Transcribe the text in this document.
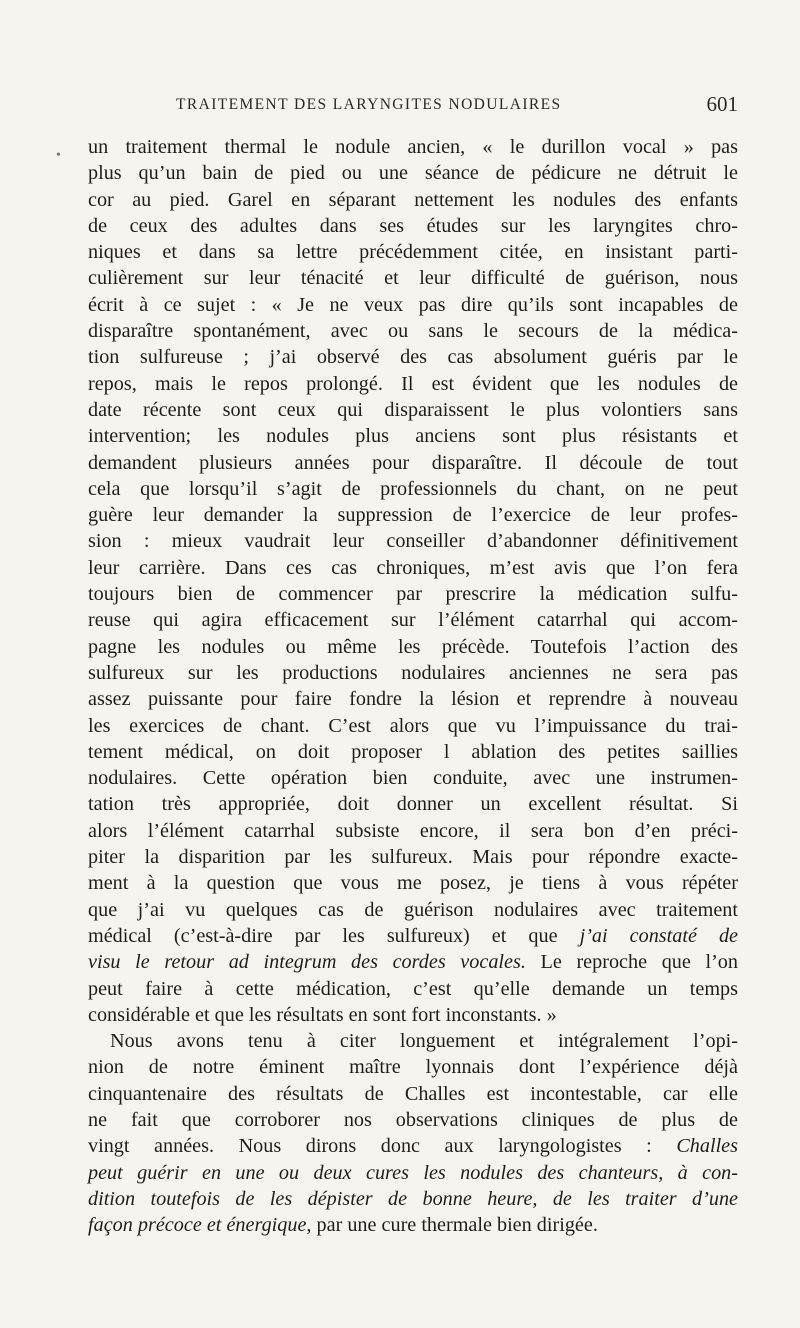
TRAITEMENT DES LARYNGITES NODULAIRES	601
• un traitement thermal le nodule ancien, « le durillon vocal » pas
plus qu’un bain de pied ou une séance de pédicure ne détruit le
cor au pied. Garel en séparant nettement les nodules des enfants
de ceux des adultes dans ses études sur les laryngites chro-
niques et dans sa lettre précédemment citée, en insistant parti-
culièrement sur leur ténacité et leur difficulté de guérison, nous
écrit à ce sujet : « Je ne veux pas dire qu’ils sont incapables de
disparaître spontanément, avec ou sans le secours de la médica-
tion sulfureuse ; j’ai observé des cas absolument guéris par le
repos, mais le repos prolongé. Il est évident que les nodules de
date récente sont ceux qui disparaissent le plus volontiers sans
intervention; les nodules plus anciens sont plus résistants et
demandent plusieurs années pour disparaître. Il découle de tout
cela que lorsqu’il s’agit de professionnels du chant, on ne peut
guère leur demander la suppression de l’exercice de leur profes-
sion : mieux vaudrait leur conseiller d’abandonner définitivement
leur carrière. Dans ces cas chroniques, m’est avis que l’on fera
toujours bien de commencer par prescrire la médication sulfu-
reuse qui agira efficacement sur l’élément catarrhal qui accom-
pagne les nodules ou même les précède. Toutefois l’action des
sulfureux sur les productions nodulaires anciennes ne sera pas
assez puissante pour faire fondre la lésion et reprendre à nouveau
les exercices de chant. C’est alors que vu l’impuissance du trai-
tement médical, on doit proposer l ablation des petites saillies
nodulaires. Cette opération bien conduite, avec une instrumen-
tation très appropriée, doit donner un excellent résultat. Si
alors l’élément catarrhal subsiste encore, il sera bon d’en préci-
piter la disparition par les sulfureux. Mais pour répondre exacte-
ment à la question que vous me posez, je tiens à vous répéter
que j’ai vu quelques cas de guérison nodulaires avec traitement
médical (c’est-à-dire par les sulfureux) et que j’ai constaté de
visu le retour ad integrum des cordes vocales. Le reproche que l’on
peut faire à cette médication, c’est qu’elle demande un temps
considérable et que les résultats en sont fort inconstants. »
Nous avons tenu à citer longuement et intégralement l’opi-
nion de notre éminent maître lyonnais dont l’expérience déjà
cinquantenaire des résultats de Challes est incontestable, car elle
ne fait que corroborer nos observations cliniques de plus de
vingt années. Nous dirons donc aux laryngologistes : Challes
peut guérir en une ou deux cures les nodules des chanteurs, à con-
dition toutefois de les dépister de bonne heure, de les traiter d’une
façon précoce et énergique, par une cure thermale bien dirigée.
